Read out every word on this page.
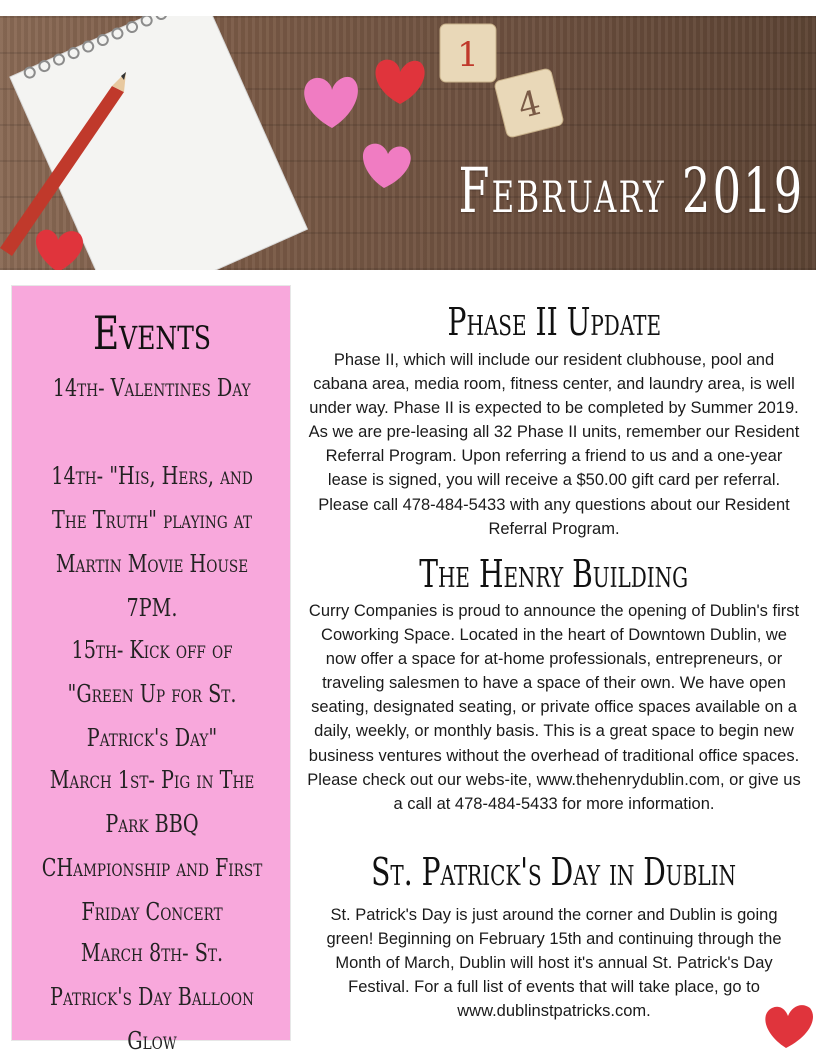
1
4
February 2019
Events
14th- Valentines Day
14th- "His, Hers, and The Truth" playing at Martin Movie House 7PM.
15th- Kick off of "Green Up for St. Patrick's Day"
March 1st- Pig in The Park BBQ CHampionship and First Friday Concert
March 8th- St. Patrick's Day Balloon Glow
Phase II Update
Phase II, which will include our resident clubhouse, pool and cabana area, media room, fitness center, and laundry area, is well under way. Phase II is expected to be completed by Summer 2019. As we are pre-leasing all 32 Phase II units, remember our Resident Referral Program. Upon referring a friend to us and a one-year lease is signed, you will receive a $50.00 gift card per referral. Please call 478-484-5433 with any questions about our Resident Referral Program.
The Henry Building
Curry Companies is proud to announce the opening of Dublin's first Coworking Space. Located in the heart of Downtown Dublin, we now offer a space for at-home professionals, entrepreneurs, or traveling salesmen to have a space of their own. We have open seating, designated seating, or private office spaces available on a daily, weekly, or monthly basis. This is a great space to begin new business ventures without the overhead of traditional office spaces. Please check out our webs-ite, www.thehenrydublin.com, or give us a call at 478-484-5433 for more information.
St. Patrick's Day in Dublin
St. Patrick's Day is just around the corner and Dublin is going green! Beginning on February 15th and continuing through the Month of March, Dublin will host it's annual St. Patrick's Day Festival. For a full list of events that will take place, go to www.dublinstpatricks.com.
